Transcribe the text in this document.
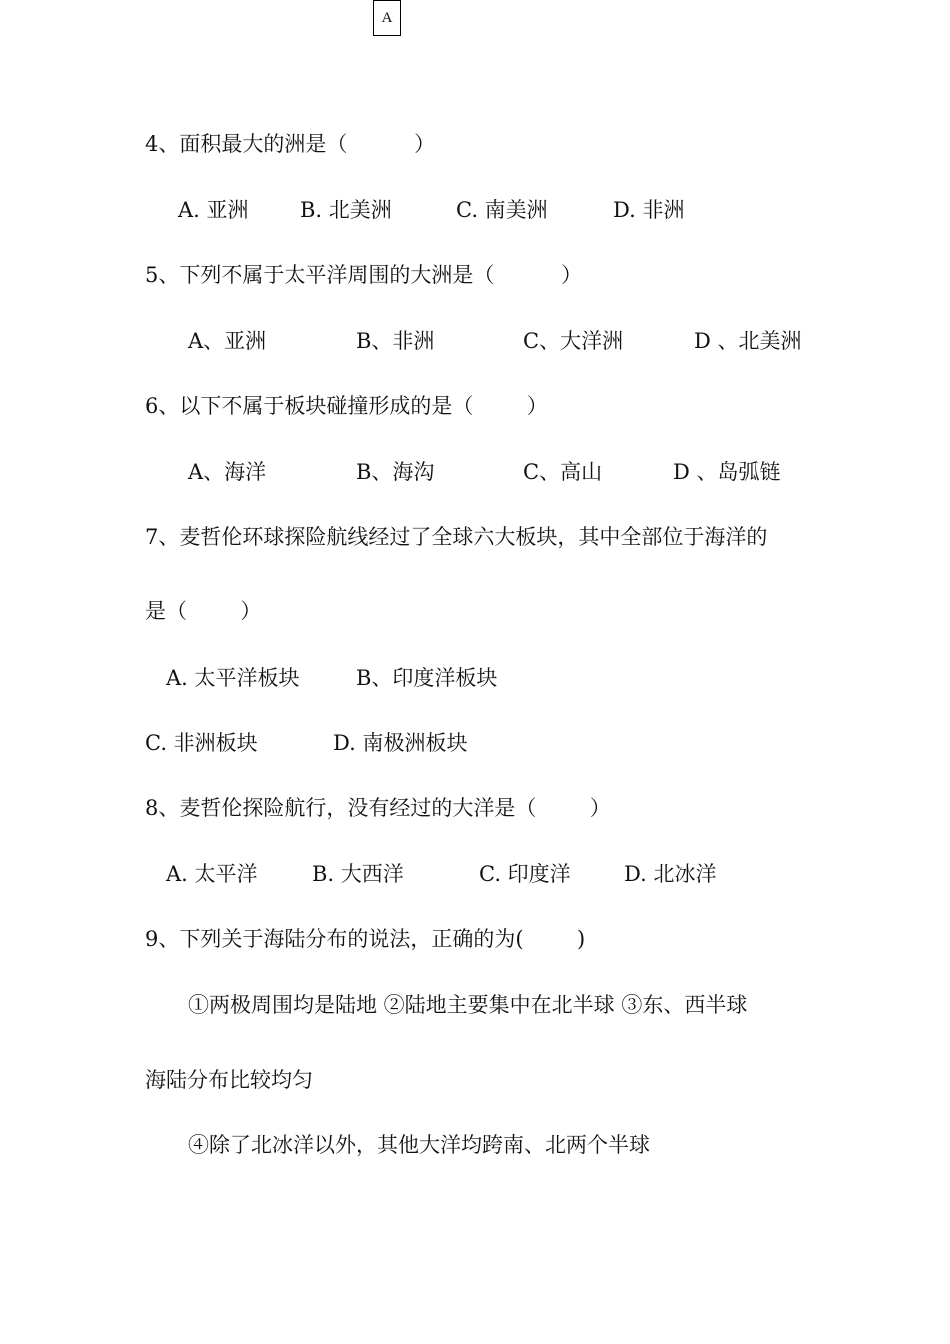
A
4、面积最大的洲是（          ）
A. 亚洲 B. 北美洲	C. 南美洲	D. 非洲
5、下列不属于太平洋周围的大洲是（          ）
A、亚洲	B、非洲	C、大洋洲	D 、北美洲
6、以下不属于板块碰撞形成的是（        ）
A、海洋	B、海沟	C、高山	D 、岛弧链
7、麦哲伦环球探险航线经过了全球六大板块，其中全部位于海洋的
是（        ）
A. 太平洋板块	B、印度洋板块
C. 非洲板块	D. 南极洲板块
8、麦哲伦探险航行，没有经过的大洋是（        ）
A. 太平洋	B. 大西洋	C. 印度洋	D. 北冰洋
9、下列关于海陆分布的说法，正确的为(        )
①两极周围均是陆地 ②陆地主要集中在北半球 ③东、西半球
海陆分布比较均匀
④除了北冰洋以外，其他大洋均跨南、北两个半球
